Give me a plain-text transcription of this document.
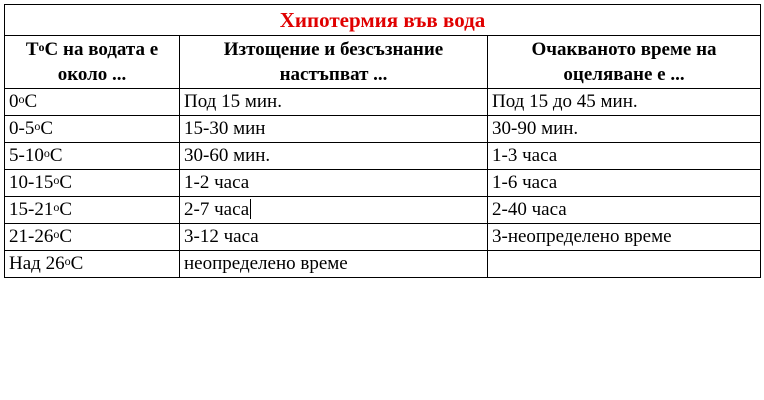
Хипотермия във вода		
$Т^оС$ на водата е около ...	Изтощение и безсъзнание настъпват ...	Очакваното време на оцеляване е ...
$0^оС$	Под 15 мин.	Под 15 до 45 мин.
$0-5^оС$	15-30 мин	30-90 мин.
$5-10^оС$	30-60 мин.	1-3 часа
$10-15^оС$	1-2 часа	1-6 часа
$15-21^оС$	2-7 часа	2-40 часа
$21-26^оС$	3-12 часа	3-неопределено време
Над $26^оС$	неопределено време	
